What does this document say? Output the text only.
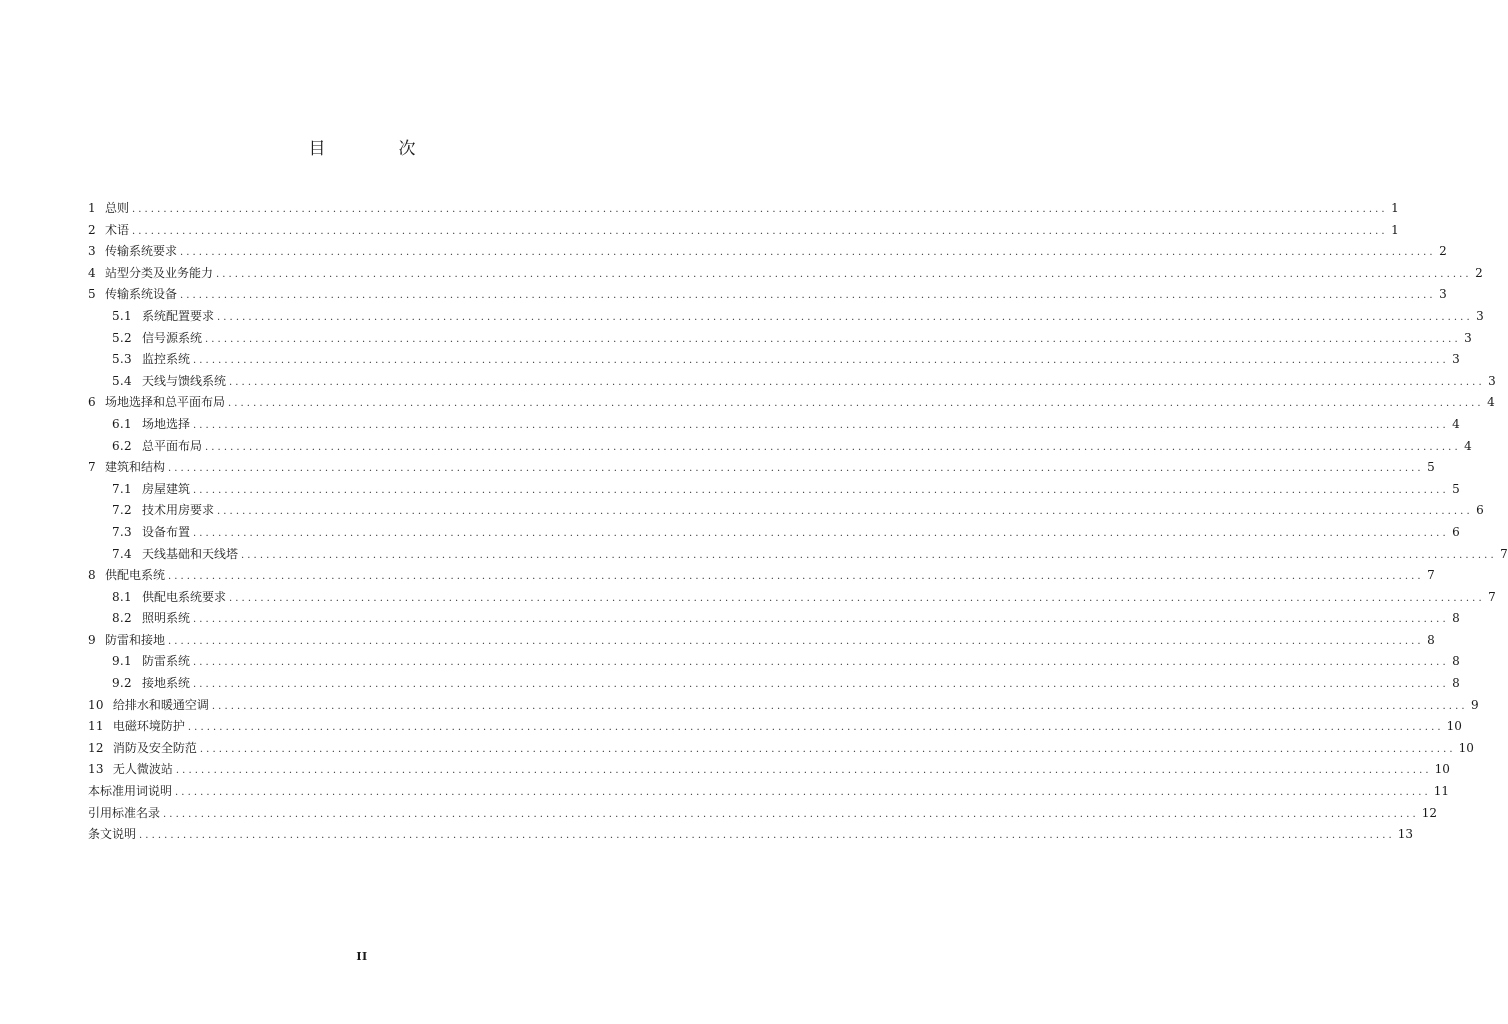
目　次
1 总则 ........................................................................................................................................................................................................ 1
2 术语 ........................................................................................................................................................................................................ 1
3 传输系统要求 ........................................................................................................................................................................................................ 2
4 站型分类及业务能力 ........................................................................................................................................................................................................ 2
5 传输系统设备 ........................................................................................................................................................................................................ 3
5.1 系统配置要求 ........................................................................................................................................................................................................ 3
5.2 信号源系统 ........................................................................................................................................................................................................ 3
5.3 监控系统 ........................................................................................................................................................................................................ 3
5.4 天线与馈线系统 ........................................................................................................................................................................................................ 3
6 场地选择和总平面布局 ........................................................................................................................................................................................................ 4
6.1 场地选择 ........................................................................................................................................................................................................ 4
6.2 总平面布局 ........................................................................................................................................................................................................ 4
7 建筑和结构 ........................................................................................................................................................................................................ 5
7.1 房屋建筑 ........................................................................................................................................................................................................ 5
7.2 技术用房要求 ........................................................................................................................................................................................................ 6
7.3 设备布置 ........................................................................................................................................................................................................ 6
7.4 天线基础和天线塔 ........................................................................................................................................................................................................ 7
8 供配电系统 ........................................................................................................................................................................................................ 7
8.1 供配电系统要求 ........................................................................................................................................................................................................ 7
8.2 照明系统 ........................................................................................................................................................................................................ 8
9 防雷和接地 ........................................................................................................................................................................................................ 8
9.1 防雷系统 ........................................................................................................................................................................................................ 8
9.2 接地系统 ........................................................................................................................................................................................................ 8
10 给排水和暖通空调 ........................................................................................................................................................................................................ 9
11 电磁环境防护 ........................................................................................................................................................................................................ 10
12 消防及安全防范 ........................................................................................................................................................................................................ 10
13 无人微波站 ........................................................................................................................................................................................................ 10
本标准用词说明 ........................................................................................................................................................................................................ 11
引用标准名录 ........................................................................................................................................................................................................ 12
条文说明 ........................................................................................................................................................................................................ 13
II
